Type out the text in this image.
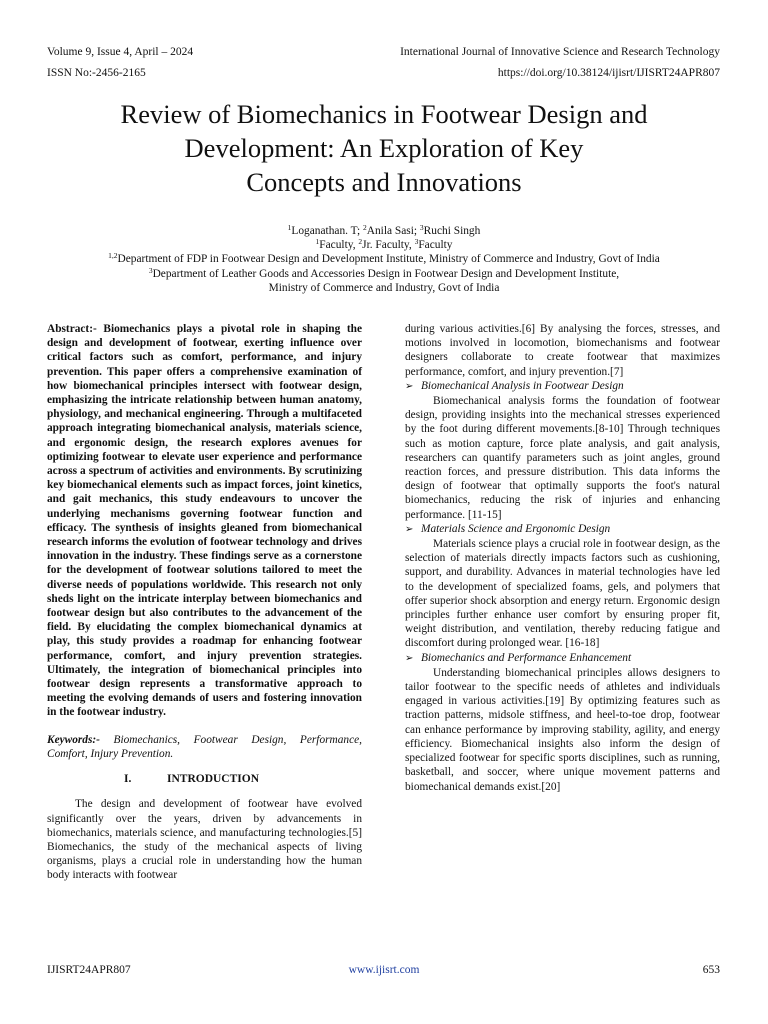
Volume 9, Issue 4, April – 2024	International Journal of Innovative Science and Research Technology
ISSN No:-2456-2165	https://doi.org/10.38124/ijisrt/IJISRT24APR807
Review of Biomechanics in Footwear Design and
Development: An Exploration of Key
Concepts and Innovations
$^1$Loganathan. T; $^2$Anila Sasi; $^3$Ruchi Singh
$^1$Faculty, $^2$Jr. Faculty, $^3$Faculty
$^{1,2}$Department of FDP in Footwear Design and Development Institute, Ministry of Commerce and Industry, Govt of India
$^3$Department of Leather Goods and Accessories Design in Footwear Design and Development Institute,
Ministry of Commerce and Industry, Govt of India

Abstract:- Biomechanics plays a pivotal role in shaping the design and development of footwear, exerting influence over critical factors such as comfort, performance, and injury prevention. This paper offers a comprehensive examination of how biomechanical principles intersect with footwear design, emphasizing the intricate relationship between human anatomy, physiology, and mechanical engineering. Through a multifaceted approach integrating biomechanical analysis, materials science, and ergonomic design, the research explores avenues for optimizing footwear to elevate user experience and performance across a spectrum of activities and environments. By scrutinizing key biomechanical elements such as impact forces, joint kinetics, and gait mechanics, this study endeavours to uncover the underlying mechanisms governing footwear function and efficacy. The synthesis of insights gleaned from biomechanical research informs the evolution of footwear technology and drives innovation in the industry. These findings serve as a cornerstone for the development of footwear solutions tailored to meet the diverse needs of populations worldwide. This research not only sheds light on the intricate interplay between biomechanics and footwear design but also contributes to the advancement of the field. By elucidating the complex biomechanical dynamics at play, this study provides a roadmap for enhancing footwear performance, comfort, and injury prevention strategies. Ultimately, the integration of biomechanical principles into footwear design represents a transformative approach to meeting the evolving demands of users and fostering innovation in the footwear industry.

Keywords:- Biomechanics, Footwear Design, Performance, Comfort, Injury Prevention.

I.	INTRODUCTION

The design and development of footwear have evolved significantly over the years, driven by advancements in biomechanics, materials science, and manufacturing technologies.[5] Biomechanics, the study of the mechanical aspects of living organisms, plays a crucial role in understanding how the human body interacts with footwear

during various activities.[6] By analysing the forces, stresses, and motions involved in locomotion, biomechanisms and footwear designers collaborate to create footwear that maximizes performance, comfort, and injury prevention.[7]

➢ Biomechanical Analysis in Footwear Design

Biomechanical analysis forms the foundation of footwear design, providing insights into the mechanical stresses experienced by the foot during different movements.[8-10] Through techniques such as motion capture, force plate analysis, and gait analysis, researchers can quantify parameters such as joint angles, ground reaction forces, and pressure distribution. This data informs the design of footwear that optimally supports the foot's natural biomechanics, reducing the risk of injuries and enhancing performance. [11-15]

➢ Materials Science and Ergonomic Design

Materials science plays a crucial role in footwear design, as the selection of materials directly impacts factors such as cushioning, support, and durability. Advances in material technologies have led to the development of specialized foams, gels, and polymers that offer superior shock absorption and energy return. Ergonomic design principles further enhance user comfort by ensuring proper fit, weight distribution, and ventilation, thereby reducing fatigue and discomfort during prolonged wear. [16-18]

➢ Biomechanics and Performance Enhancement

Understanding biomechanical principles allows designers to tailor footwear to the specific needs of athletes and individuals engaged in various activities.[19] By optimizing features such as traction patterns, midsole stiffness, and heel-to-toe drop, footwear can enhance performance by improving stability, agility, and energy efficiency. Biomechanical insights also inform the design of specialized footwear for specific sports disciplines, such as running, basketball, and soccer, where unique movement patterns and biomechanical demands exist.[20]

IJISRT24APR807	www.ijisrt.com	653
